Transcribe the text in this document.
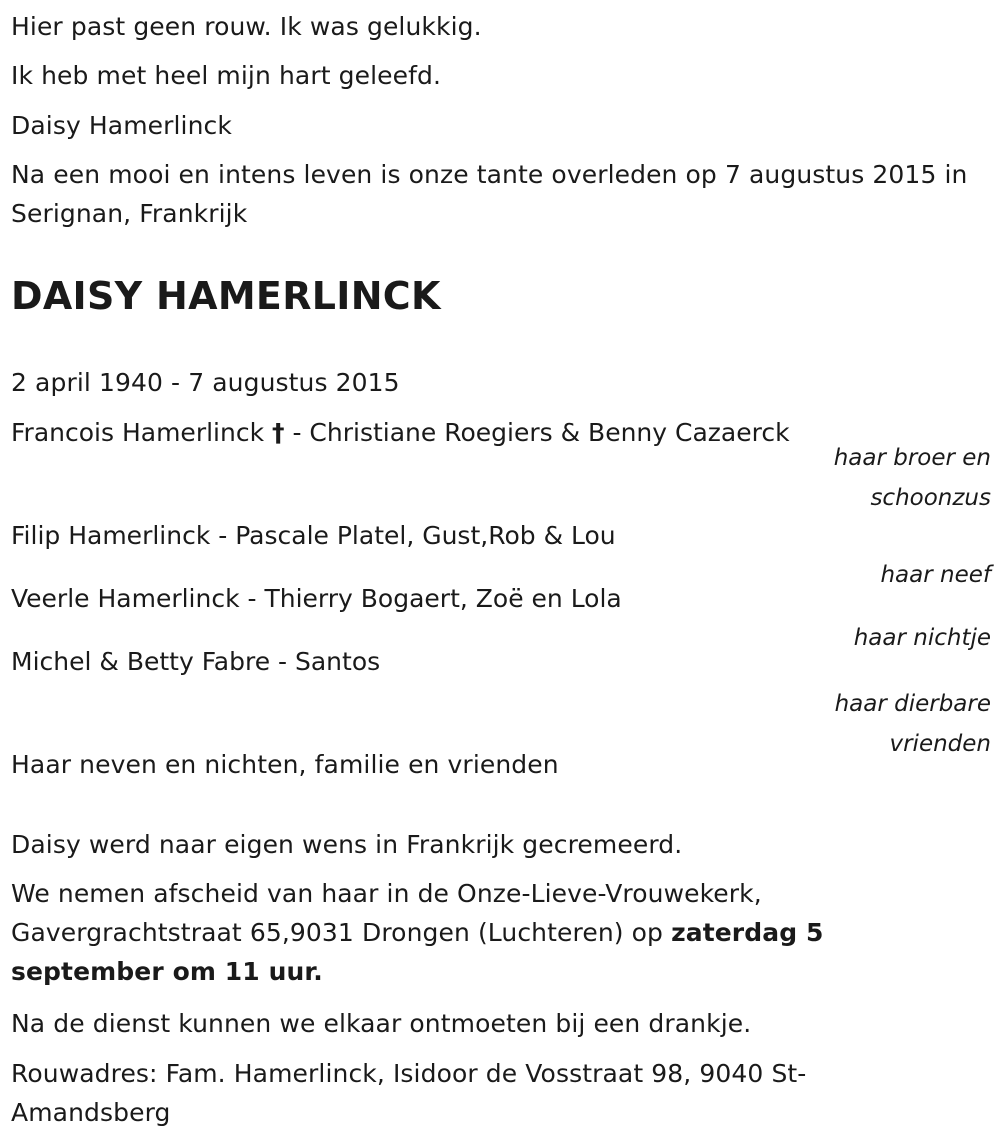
Hier past geen rouw. Ik was gelukkig.

Ik heb met heel mijn hart geleefd.

Daisy Hamerlinck

Na een mooi en intens leven is onze tante overleden op 7 augustus 2015 in Serignan, Frankrijk

DAISY HAMERLINCK

2 april 1940 - 7 augustus 2015

Francois Hamerlinck † - Christiane Roegiers & Benny Cazaerck
haar broer en schoonzus
Filip Hamerlinck - Pascale Platel, Gust,Rob & Lou
haar neef
Veerle Hamerlinck - Thierry Bogaert, Zoë en Lola
haar nichtje
Michel & Betty Fabre - Santos
haar dierbare vrienden

Haar neven en nichten, familie en vrienden

Daisy werd naar eigen wens in Frankrijk gecremeerd.

We nemen afscheid van haar in de Onze-Lieve-Vrouwekerk, Gavergrachtstraat 65,9031 Drongen (Luchteren) op zaterdag 5 september om 11 uur.

Na de dienst kunnen we elkaar ontmoeten bij een drankje.

Rouwadres: Fam. Hamerlinck, Isidoor de Vosstraat 98, 9040 St-Amandsberg
